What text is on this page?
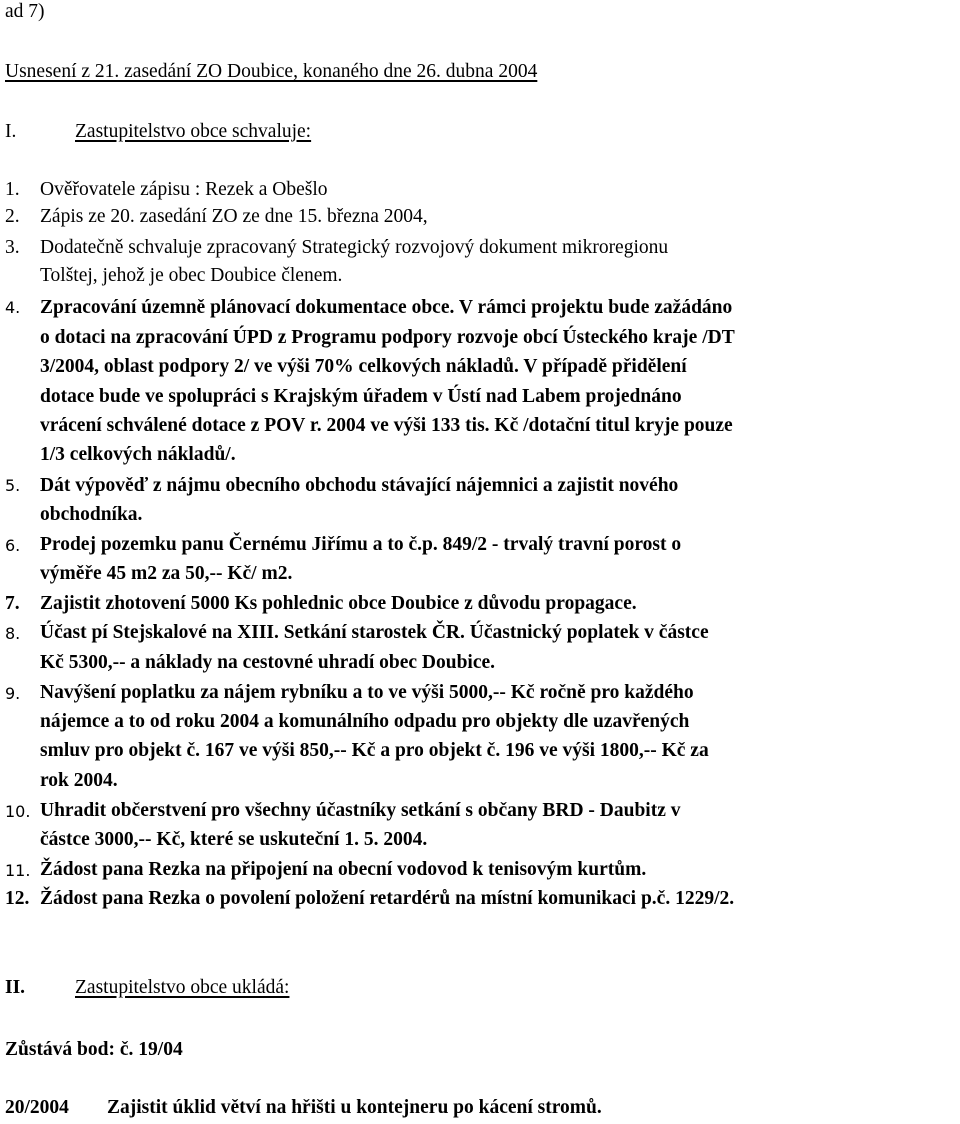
ad 7)
Usnesení z 21. zasedání ZO Doubice, konaného dne 26. dubna 2004
I.	Zastupitelstvo obce schvaluje:
1. Ověřovatele zápisu : Rezek a Obešlo
2. Zápis ze 20. zasedání ZO ze dne 15. března 2004,
3. Dodatečně schvaluje zpracovaný Strategický rozvojový dokument mikroregionu
Tolštej, jehož je obec Doubice členem.
4. Zpracování územně plánovací dokumentace obce. V rámci projektu bude zažádáno
o dotaci na zpracování ÚPD z Programu podpory rozvoje obcí Ústeckého kraje /DT
3/2004, oblast podpory 2/ ve výši 70% celkových nákladů. V případě přidělení
dotace bude ve spolupráci s Krajským úřadem v Ústí nad Labem projednáno
vrácení schválené dotace z POV r. 2004 ve výši 133 tis. Kč /dotační titul kryje pouze
1/3 celkových nákladů/.
5. Dát výpověď z nájmu obecního obchodu stávající nájemnici a zajistit nového
obchodníka.
6. Prodej pozemku panu Černému Jiřímu a to č.p. 849/2 - trvalý travní porost o
výměře 45 m2 za 50,-- Kč/ m2.
7. Zajistit zhotovení 5000 Ks pohlednic obce Doubice z důvodu propagace.
8. Účast pí Stejskalové na XIII. Setkání starostek ČR. Účastnický poplatek v částce
Kč 5300,-- a náklady na cestovné uhradí obec Doubice.
9. Navýšení poplatku za nájem rybníku a to ve výši 5000,-- Kč ročně pro každého
nájemce a to od roku 2004 a komunálního odpadu pro objekty dle uzavřených
smluv pro objekt č. 167 ve výši 850,-- Kč a pro objekt č. 196 ve výši 1800,-- Kč za
rok 2004.
10. Uhradit občerstvení pro všechny účastníky setkání s občany BRD - Daubitz v
částce 3000,-- Kč, které se uskuteční 1. 5. 2004.
11. Žádost pana Rezka na připojení na obecní vodovod k tenisovým kurtům.
12. Žádost pana Rezka o povolení položení retardérů na místní komunikaci p.č. 1229/2.
II.	Zastupitelstvo obce ukládá:
Zůstává bod: č. 19/04
20/2004 Zajistit úklid větví na hřišti u kontejneru po kácení stromů.
